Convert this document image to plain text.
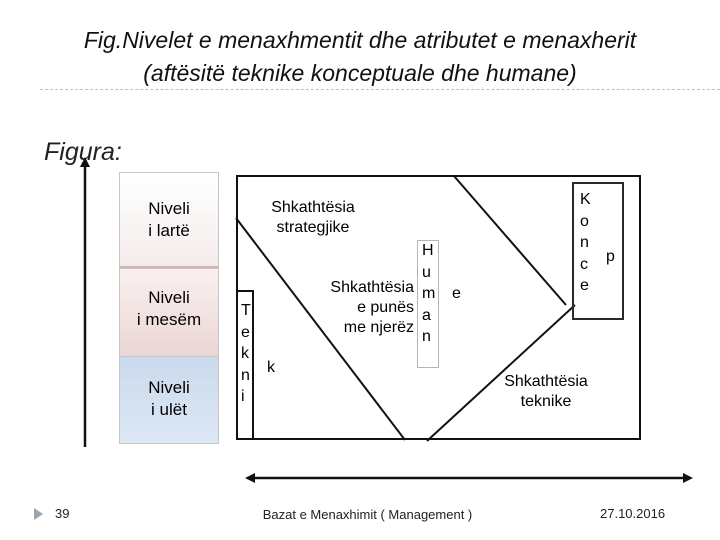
Fig.Nivelet e menaxhmentit dhe atributet e menaxherit
(aftësitë teknike konceptuale dhe humane)
Figura:
Niveli
i lartë
Niveli
i mesëm
Niveli
i ulët
Shkathtësia
strategjike
Shkathtësia
e punës
me njerëz
H
u
m
a
n
e
T
e
k
n
i
k
K
o
n
c
e
p
Shkathtësia
teknike
39	Bazat e Menaxhimit ( Management )	27.10.2016
